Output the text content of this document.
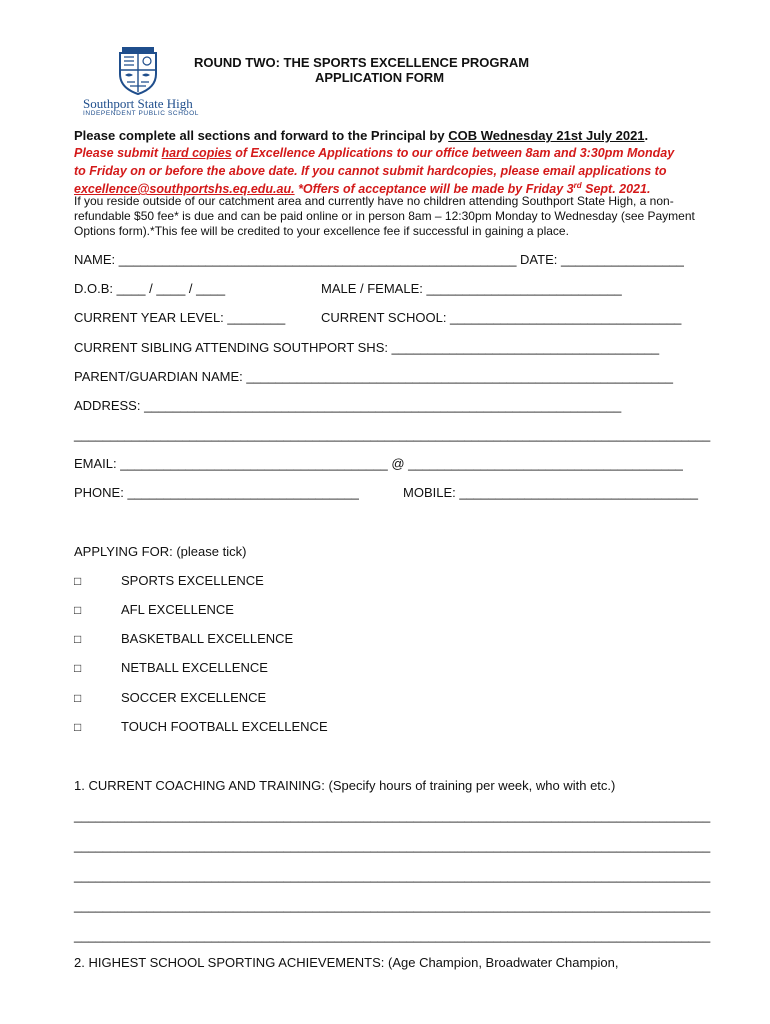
Southport State High
INDEPENDENT PUBLIC SCHOOL
ROUND TWO: THE SPORTS EXCELLENCE PROGRAM
APPLICATION FORM
Please complete all sections and forward to the Principal by COB Wednesday 21st July 2021.
Please submit hard copies of Excellence Applications to our office between 8am and 3:30pm Monday
to Friday on or before the above date. If you cannot submit hardcopies, please email applications to
excellence@southportshs.eq.edu.au. *Offers of acceptance will be made by Friday 3rd Sept. 2021.
If you reside outside of our catchment area and currently have no children attending Southport State High, a non-refundable $50 fee* is due and can be paid online or in person 8am – 12:30pm Monday to Wednesday (see Payment Options form).*This fee will be credited to your excellence fee if successful in gaining a place.
NAME: _______________________________________________________ DATE: _________________
D.O.B: ____ / ____ / ____	MALE / FEMALE: ___________________________
CURRENT YEAR LEVEL: ________	CURRENT SCHOOL: ________________________________
CURRENT SIBLING ATTENDING SOUTHPORT SHS: _____________________________________
PARENT/GUARDIAN NAME: ___________________________________________________________
ADDRESS: __________________________________________________________________
________________________________________________________________________________________
EMAIL: _____________________________________ @ ______________________________________
PHONE: ________________________________	MOBILE: _________________________________
APPLYING FOR: (please tick)
□	SPORTS EXCELLENCE
□	AFL EXCELLENCE
□	BASKETBALL EXCELLENCE
□	NETBALL EXCELLENCE
□	SOCCER EXCELLENCE
□	TOUCH FOOTBALL EXCELLENCE
1. CURRENT COACHING AND TRAINING: (Specify hours of training per week, who with etc.)
________________________________________________________________________________________
________________________________________________________________________________________
________________________________________________________________________________________
________________________________________________________________________________________
________________________________________________________________________________________
2. HIGHEST SCHOOL SPORTING ACHIEVEMENTS: (Age Champion, Broadwater Champion,
